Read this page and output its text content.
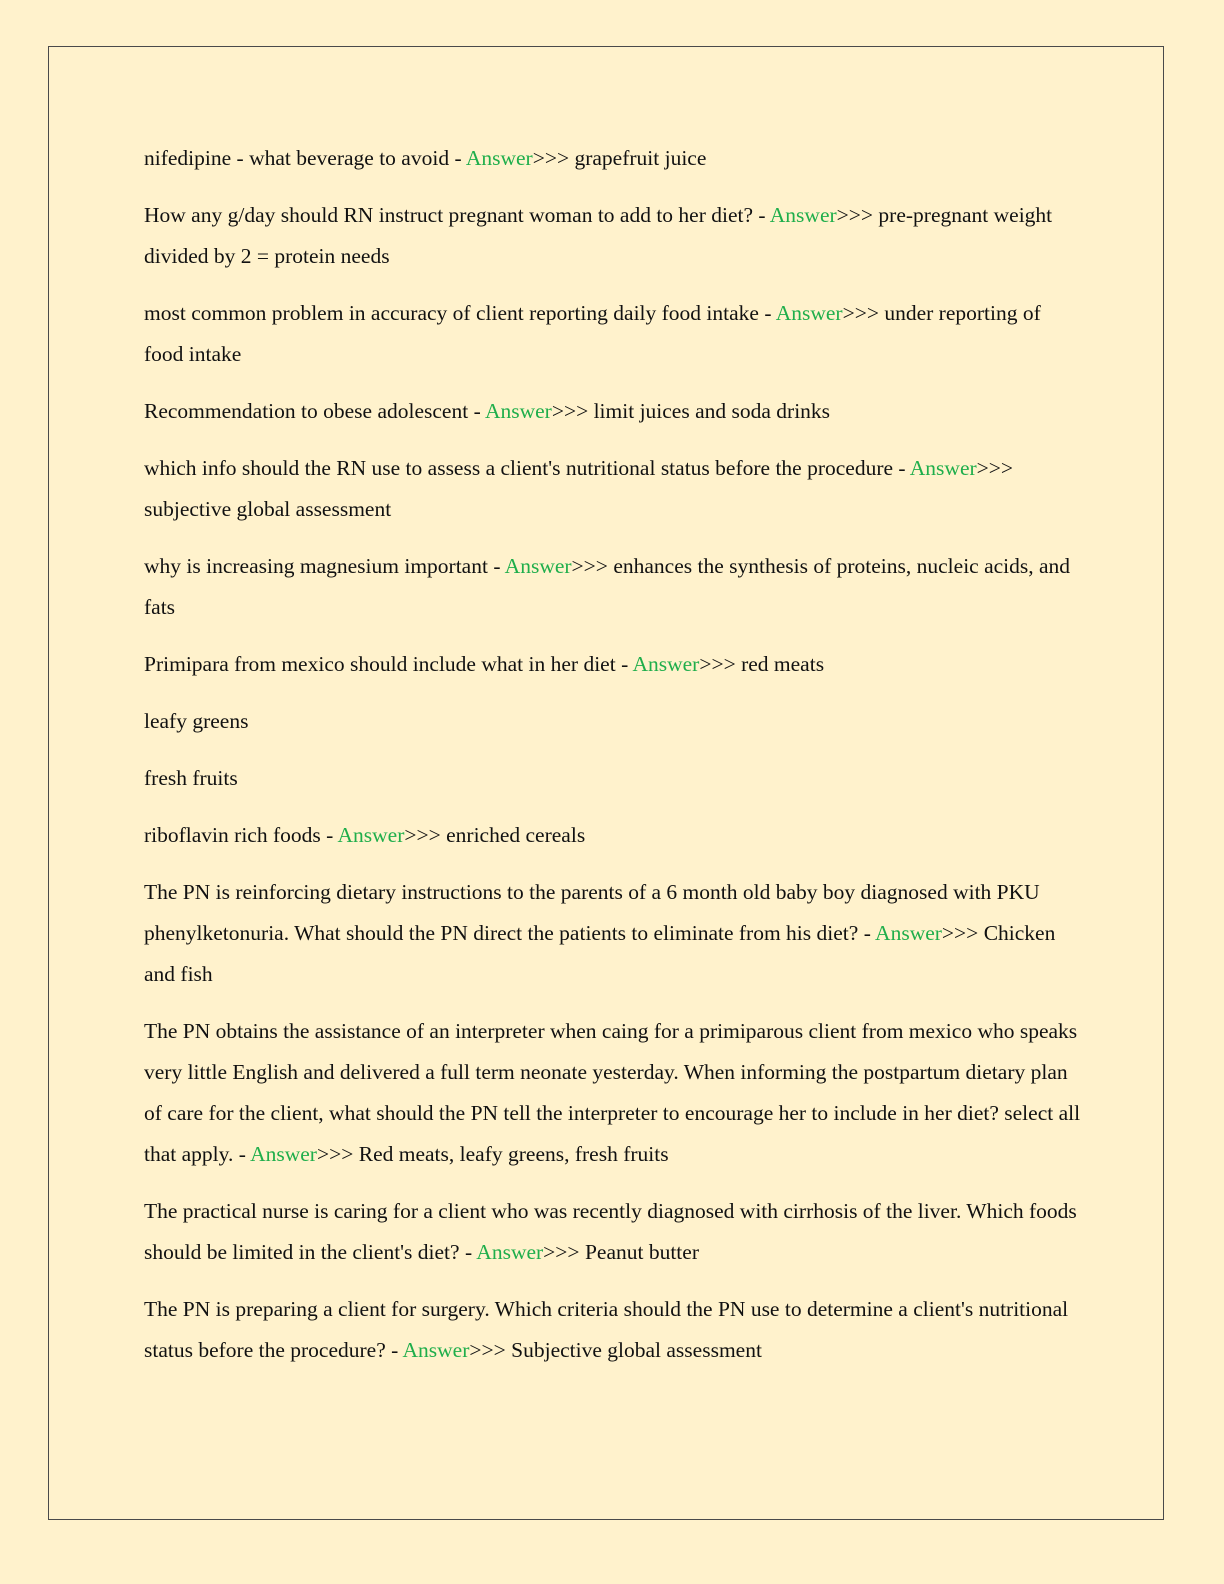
nifedipine - what beverage to avoid - Answer>>> grapefruit juice

How any g/day should RN instruct pregnant woman to add to her diet? - Answer>>> pre-pregnant weight divided by 2 = protein needs

most common problem in accuracy of client reporting daily food intake - Answer>>> under reporting of food intake

Recommendation to obese adolescent - Answer>>> limit juices and soda drinks

which info should the RN use to assess a client's nutritional status before the procedure - Answer>>> subjective global assessment

why is increasing magnesium important - Answer>>> enhances the synthesis of proteins, nucleic acids, and fats

Primipara from mexico should include what in her diet - Answer>>> red meats

leafy greens

fresh fruits

riboflavin rich foods - Answer>>> enriched cereals

The PN is reinforcing dietary instructions to the parents of a 6 month old baby boy diagnosed with PKU phenylketonuria. What should the PN direct the patients to eliminate from his diet? - Answer>>> Chicken and fish

The PN obtains the assistance of an interpreter when caing for a primiparous client from mexico who speaks very little English and delivered a full term neonate yesterday. When informing the postpartum dietary plan of care for the client, what should the PN tell the interpreter to encourage her to include in her diet? select all that apply. - Answer>>> Red meats, leafy greens, fresh fruits

The practical nurse is caring for a client who was recently diagnosed with cirrhosis of the liver. Which foods should be limited in the client's diet? - Answer>>> Peanut butter

The PN is preparing a client for surgery. Which criteria should the PN use to determine a client's nutritional status before the procedure? - Answer>>> Subjective global assessment
